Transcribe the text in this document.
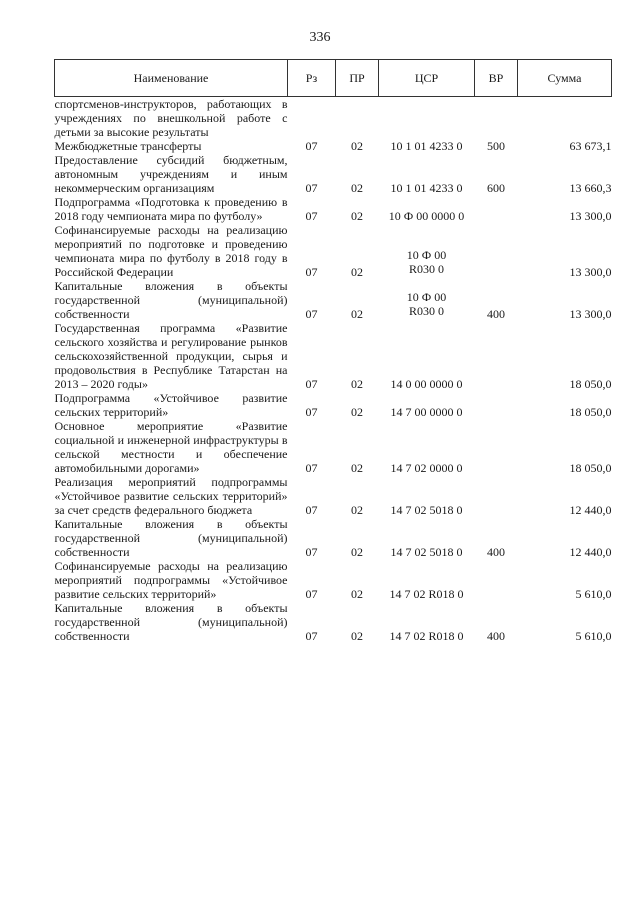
336
Наименование	Рз	ПР	ЦСР	ВР	Сумма
спортсменов-инструкторов, работающих в учреждениях по внешкольной работе с детьми за высокие результаты					
Межбюджетные трансферты	07	02	10 1 01 4233 0	500	63 673,1
Предоставление субсидий бюджетным, автономным учреждениям и иным некоммерческим организациям	07	02	10 1 01 4233 0	600	13 660,3
Подпрограмма «Подготовка к проведению в 2018 году чемпионата мира по футболу»	07	02	10 Ф 00 0000 0		13 300,0
Софинансируемые расходы на реализацию мероприятий по подготовке и проведению чемпионата мира по футболу в 2018 году в Российской Федерации	07	02	10 Ф 00 R030 0		13 300,0
Капитальные вложения в объекты государственной (муниципальной) собственности	07	02	10 Ф 00 R030 0	400	13 300,0
Государственная программа «Развитие сельского хозяйства и регулирование рынков сельскохозяйственной продукции, сырья и продовольствия в Республике Татарстан на 2013 – 2020 годы»	07	02	14 0 00 0000 0		18 050,0
Подпрограмма «Устойчивое развитие сельских территорий»	07	02	14 7 00 0000 0		18 050,0
Основное мероприятие «Развитие социальной и инженерной инфраструктуры в сельской местности и обеспечение автомобильными дорогами»	07	02	14 7 02 0000 0		18 050,0
Реализация мероприятий подпрограммы «Устойчивое развитие сельских территорий» за счет средств федерального бюджета	07	02	14 7 02 5018 0		12 440,0
Капитальные вложения в объекты государственной (муниципальной) собственности	07	02	14 7 02 5018 0	400	12 440,0
Софинансируемые расходы на реализацию мероприятий подпрограммы «Устойчивое развитие сельских территорий»	07	02	14 7 02 R018 0		5 610,0
Капитальные вложения в объекты государственной (муниципальной) собственности	07	02	14 7 02 R018 0	400	5 610,0
